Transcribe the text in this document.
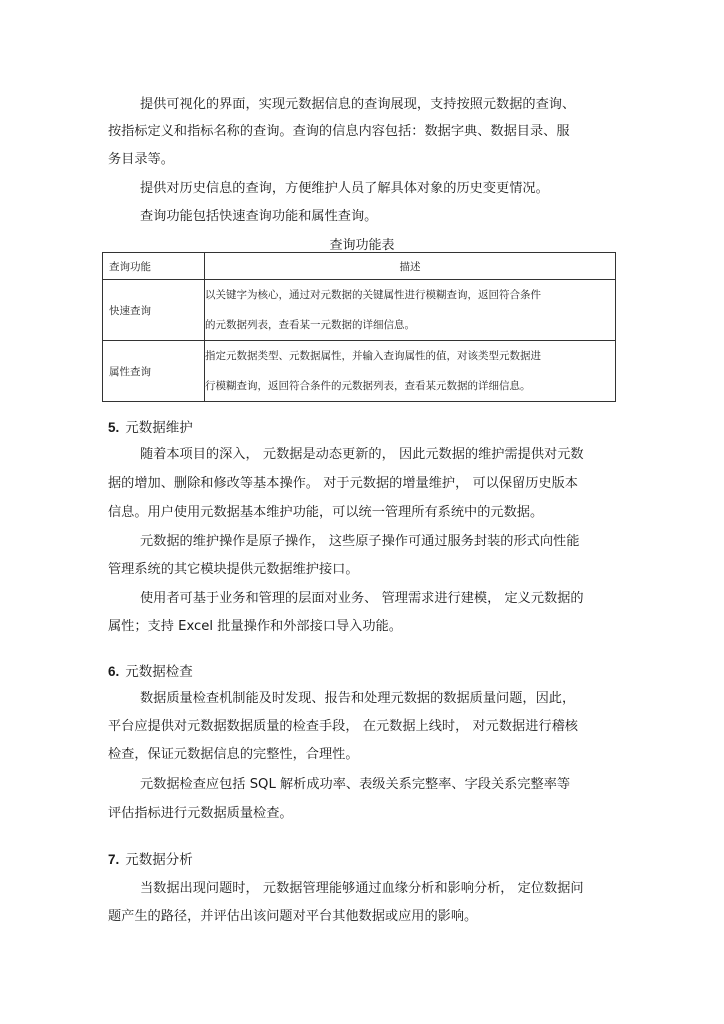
提供可视化的界面，实现元数据信息的查询展现，支持按照元数据的查询、
按指标定义和指标名称的查询。查询的信息内容包括：数据字典、数据目录、服
务目录等。
提供对历史信息的查询，方便维护人员了解具体对象的历史变更情况。
查询功能包括快速查询功能和属性查询。
查询功能表
查询功能	描述
快速查询	以关键字为核心，通过对元数据的关键属性进行模糊查询，返回符合条件
的元数据列表，查看某一元数据的详细信息。

属性查询	指定元数据类型、元数据属性，并输入查询属性的值，对该类型元数据进
行模糊查询，返回符合条件的元数据列表，查看某元数据的详细信息。
5. 元数据维护
随着本项目的深入， 元数据是动态更新的， 因此元数据的维护需提供对元数
据的增加、删除和修改等基本操作。 对于元数据的增量维护， 可以保留历史版本
信息。用户使用元数据基本维护功能，可以统一管理所有系统中的元数据。
元数据的维护操作是原子操作， 这些原子操作可通过服务封装的形式向性能
管理系统的其它模块提供元数据维护接口。
使用者可基于业务和管理的层面对业务、 管理需求进行建模， 定义元数据的
属性；支持 Excel 批量操作和外部接口导入功能。
6. 元数据检查
数据质量检查机制能及时发现、报告和处理元数据的数据质量问题，因此，
平台应提供对元数据数据质量的检查手段， 在元数据上线时， 对元数据进行稽核
检查，保证元数据信息的完整性，合理性。
元数据检查应包括 SQL 解析成功率、表级关系完整率、字段关系完整率等
评估指标进行元数据质量检查。
7. 元数据分析
当数据出现问题时， 元数据管理能够通过血缘分析和影响分析， 定位数据问
题产生的路径，并评估出该问题对平台其他数据或应用的影响。
